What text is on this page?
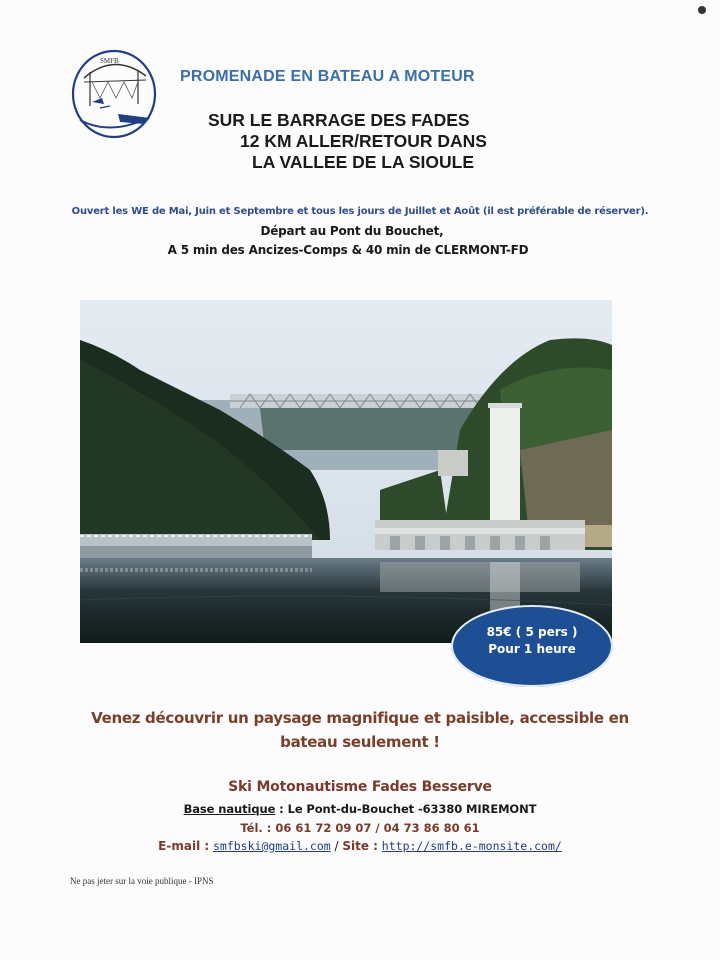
SMFB
PROMENADE EN BATEAU A MOTEUR
SUR LE BARRAGE DES FADES
12 KM ALLER/RETOUR DANS
LA VALLEE DE LA SIOULE
Ouvert les WE de Mai, Juin et Septembre et tous les jours de Juillet et Août (il est préférable de réserver).
Départ au Pont du Bouchet,
A 5 min des Ancizes-Comps & 40 min de CLERMONT-FD
85€ ( 5 pers )
Pour 1 heure
Venez découvrir un paysage magnifique et paisible, accessible en
bateau seulement !
Ski Motonautisme Fades Besserve
Base nautique : Le Pont-du-Bouchet -63380 MIREMONT
Tél. : 06 61 72 09 07 / 04 73 86 80 61
E-mail : smfbski@gmail.com / Site : http://smfb.e-monsite.com/
Ne pas jeter sur la voie publique - IPNS
